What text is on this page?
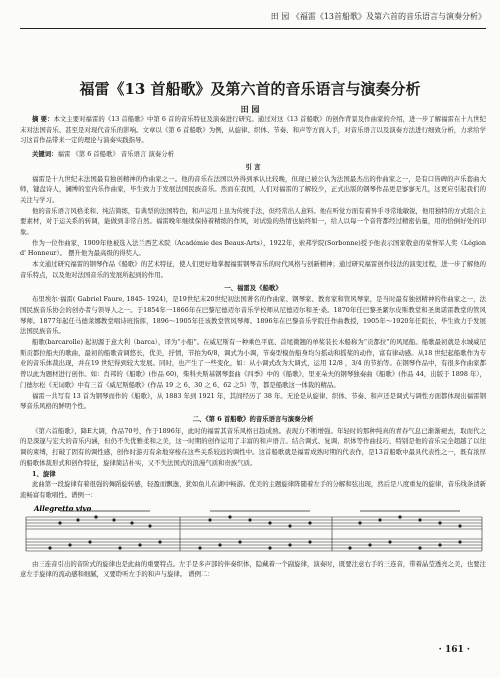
田 园 《福雷《13首船歌》及第六首的音乐语言与演奏分析》
福雷《13 首船歌》及第六首的音乐语言与演奏分析
田 园

摘 要：本文主要对福雷的《13 首船歌》中第 6 首的音乐特征及演奏进行研究。通过对这《13 首船歌》的创作背景及作曲家的介绍，进一步了解福雷在十九世纪末对法国音乐、甚至是对现代音乐的影响。文章以《第 6 首船歌》为例，从旋律、织体、节奏、和声等方面入手，对音乐语言以及演奏方法进行细致分析，力求给学习这首作品带来一定的理论与演奏实践指导。

关键词：福雷 《第 6 首船歌》 音乐语言 演奏分析

引 言

福雷是十九世纪末法国最有独创精神的作曲家之一。他的音乐在法国以外得到承认比较晚，但现已被公认为法国最杰出的作曲家之一，是有口皆碑的声乐套曲大师，键盘诗人，澜博的室内乐作曲家，毕生致力于发展法国民族音乐。然而在我国，人们对福雷的了解较少，正式出版的钢琴作品更是寥寥无几，这更应引起我们的关注与学习。

他的音乐语言风格柔和、纯洁简练，有典型的法国特色，和声运用上虽为传统手法，但经常出人意料。他在听觉方面有着异乎寻常地敏锐，他用独特的方式组合主要素材，对于运关系的转调，能做到非常自然。福雷晚年继续保持着精练的作风，对试验的热情也始终如一，给人以每一个音符都经过精密估量，用的恰倒好处的印象。

作为一位作曲家，1909年他被选入法兰西艺术院（Académie des Beaux-Arts），1922年，索邦学院(Sorbonne)授予他表示国家敬意的荣誉军人奖（Légion d' Honneur）。 摆升他为最高级的得奖人。

本文通过研究福雷的钢琴作品《船歌》的艺术特征，使人们更好地掌握福雷钢琴音乐的时代风格与创新精神；通过研究福雷创作技法的演变过程，进一步了解他的音乐特点，以及他对法国音乐的发展所起到的作用。

一、福雷及《船歌》

布里埃尔·福雷( Gabriel Faure, 1845- 1924)，是19世纪末20世纪初法国著名的作曲家、钢琴家、教育家和管风琴家，是当时最有独创精神的作曲家之一，法国民族音乐协会的创办者与领导人之一。于1854年一1866年在巴黎尼德迈尔音乐学校师从尼德迈尔和圣·桑。1870年任巴黎圣絮尔皮斯教堂和圣奥诺雷教堂的管风琴师。1877年起任马德莱娜教堂唱诗班指挥，1896～1905年任该教堂管风琴师。1896年在巴黎音乐学院任作曲教授，1905年～1920年任院长，毕生致力于发展法国民族音乐。

船歌(barcarolle) 起初源于意大利（barca），译为“小船”。在威尼斯有一种乘色平底、首尾微翘的单桨装长木船称为“贡都拉”的风尾船。船歌最初就是水城威尼斯贡都拉船夫的歌曲，最初的船歌音调悠长，优美，抒情，节拍为6/8，调式为小调，节奏型模仿船身均匀摇动和摇桨的动作，富有律动感。从18 世纪起船歌作为专业的音乐体裁出现，并在19 世纪得到较大发展。同时，也产生了一些变化，如：从小调式改为大调式，运用 12/8 ，3/4 的节拍等。在钢琴作品中，有很多作曲家都曾以此为题材进行创作。如：肖邦的《船歌》(作品 60)，柴科夫斯基钢琴套曲《四季》中的《船歌》，里亚朵夫的钢琴独奏曲《船歌》(作品 44，出版于 1898 年），门德尔松《无词歌》中有三首《威尼斯船歌》(作品 19 之 6、30 之 6、62 之5）等，都是船歌这一体裁的精品。

福雷一共写有 13 首为钢琴而作的《船歌》，从 1883 年到 1921 年，其间经历了 38 年。无论是从旋律、织体、节奏、和声还是调式与调性方面都体现出福雷钢琴音乐风格的鲜明个性。

二、《第 6 首船歌》的音乐语言与演奏分析

《第六首船歌》，降E大调，作品70号，作于1896年，此时的福雷其音乐风格日趋成熟。表现力不断增强。年轻时的那种纯真的青春气息已渐渐褪去，取而代之的是深邃与宏大的音乐内涵，但仍不失优雅柔和之美，这一时期的创作运用了丰富的和声语言。结合调式、复调、织体等作曲技巧，特别是他的音乐完全超越了以往调的束缚，打破了固有的调性感，创作时游刃有余地穿梭在这些关系较远的调性中。这首船歌就是福雷成熟时期的代表作，是13首船歌中最具代表性之一，既有浓厚的船歌体裁形式和创作特征，旋律简洁朴实，又不失法国式的浪漫气质和贵族气质。

1、旋律

此曲第一段旋律有着很强的舞蹈旋转感，轻盈而飘逸，犹如鱼儿在湖中畅游。优美的主题旋律阵随着左手的分解和弦出现，然后是八度重复的旋律，音乐线条清新流畅富有歌唱性。谱例一：

Allegretto vivo

由三连音引出的音阶式的旋律也是此曲的重要特点。左手是多声部的伴奏织体，隐藏着一个副旋律，演奏时，既要注意右手的三连音，带着晶莹透亮之美，也要注意左手旋律的流动感和细腻，又要聆听左手的和声与旋律。 谱例二：

· 161 ·
